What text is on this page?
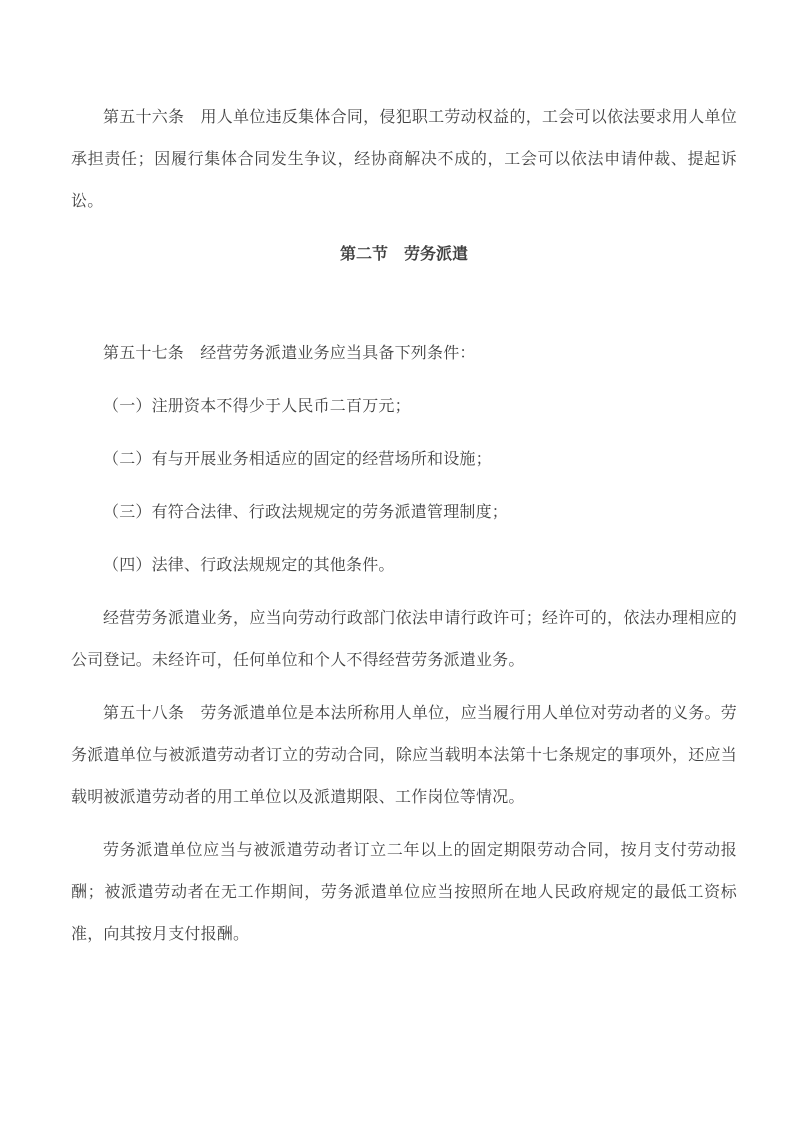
第五十六条　用人单位违反集体合同，侵犯职工劳动权益的，工会可以依法要求用人单位承担责任；因履行集体合同发生争议，经协商解决不成的，工会可以依法申请仲裁、提起诉讼。

第二节　劳务派遣

第五十七条　经营劳务派遣业务应当具备下列条件：

（一）注册资本不得少于人民币二百万元；

（二）有与开展业务相适应的固定的经营场所和设施；

（三）有符合法律、行政法规规定的劳务派遣管理制度；

（四）法律、行政法规规定的其他条件。

经营劳务派遣业务，应当向劳动行政部门依法申请行政许可；经许可的，依法办理相应的公司登记。未经许可，任何单位和个人不得经营劳务派遣业务。

第五十八条　劳务派遣单位是本法所称用人单位，应当履行用人单位对劳动者的义务。劳务派遣单位与被派遣劳动者订立的劳动合同，除应当载明本法第十七条规定的事项外，还应当载明被派遣劳动者的用工单位以及派遣期限、工作岗位等情况。

劳务派遣单位应当与被派遣劳动者订立二年以上的固定期限劳动合同，按月支付劳动报酬；被派遣劳动者在无工作期间，劳务派遣单位应当按照所在地人民政府规定的最低工资标准，向其按月支付报酬。
